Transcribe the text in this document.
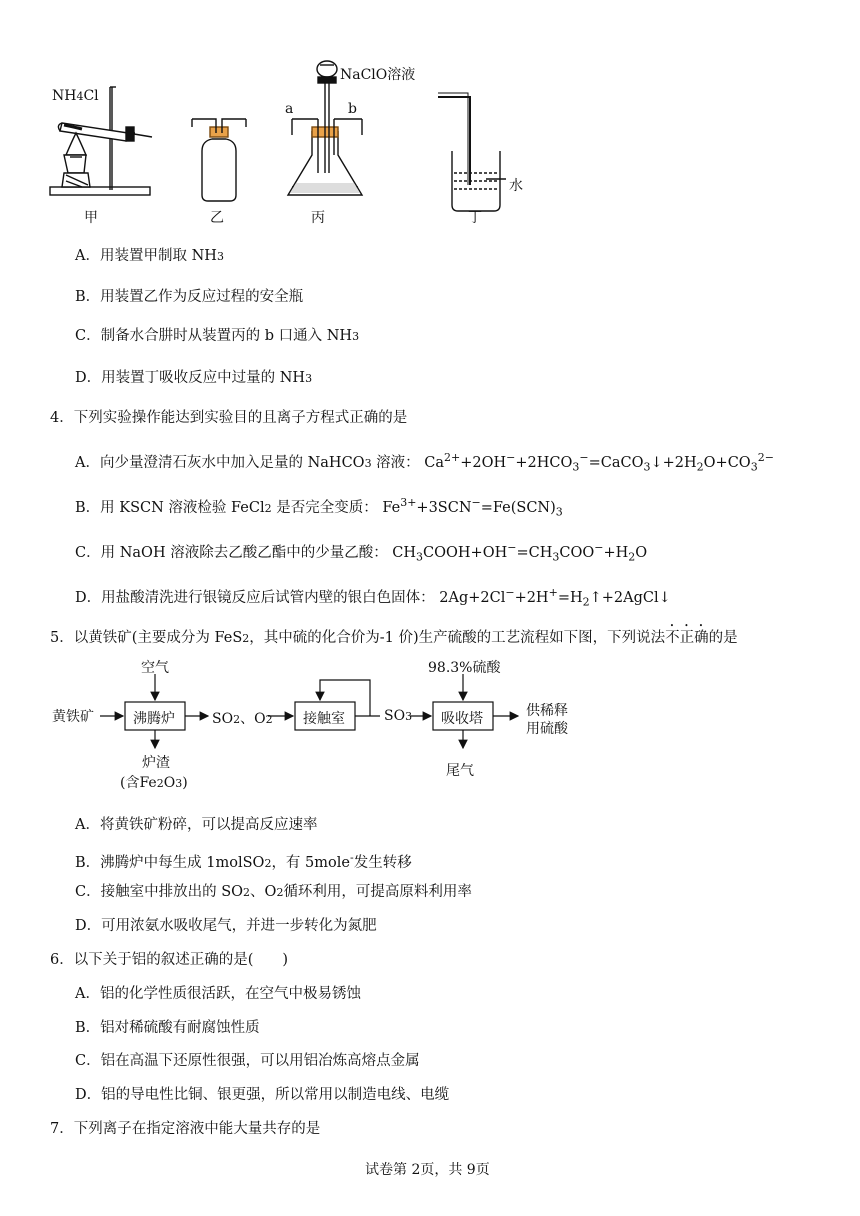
NH4Cl
NaClO溶液
a	b
水
甲	乙	丙	丁
A．用装置甲制取 NH3
B．用装置乙作为反应过程的安全瓶
C．制备水合肼时从装置丙的 b 口通入 NH3
D．用装置丁吸收反应中过量的 NH3
4．下列实验操作能达到实验目的且离子方程式正确的是
A．向少量澄清石灰水中加入足量的 NaHCO3 溶液： $Ca^{2+}+2OH^-+2HCO_3^-=CaCO_3↓+2H_2O+CO_3^{2-}$
B．用 KSCN 溶液检验 FeCl2 是否完全变质： $Fe^{3+}+3SCN^-=Fe(SCN)_3$
C．用 NaOH 溶液除去乙酸乙酯中的少量乙酸： $CH_3COOH+OH^-=CH_3COO^-+H_2O$
D．用盐酸清洗进行银镜反应后试管内壁的银白色固体： $2Ag+2Cl^-+2H^+=H_2↑+2AgCl↓$
5．以黄铁矿(主要成分为 FeS2，其中硫的化合价为-1 价)生产硫酸的工艺流程如下图，下列说法不正确的是
黄铁矿
空气
沸腾炉	SO2、O2 接触室	SO3
98.3%硫酸
吸收塔	供稀释
用硫酸
炉渣
(含Fe2O3)
尾气
A．将黄铁矿粉碎，可以提高反应速率
B．沸腾炉中每生成 1molSO2，有 5mole-发生转移
C．接触室中排放出的 SO2、O2循环利用，可提高原料利用率
D．可用浓氨水吸收尾气，并进一步转化为氮肥
6．以下关于铝的叙述正确的是(　　)
A．铝的化学性质很活跃，在空气中极易锈蚀
B．铝对稀硫酸有耐腐蚀性质
C．铝在高温下还原性很强，可以用铝冶炼高熔点金属
D．铝的导电性比铜、银更强，所以常用以制造电线、电缆
7．下列离子在指定溶液中能大量共存的是
试卷第 2页，共 9页
